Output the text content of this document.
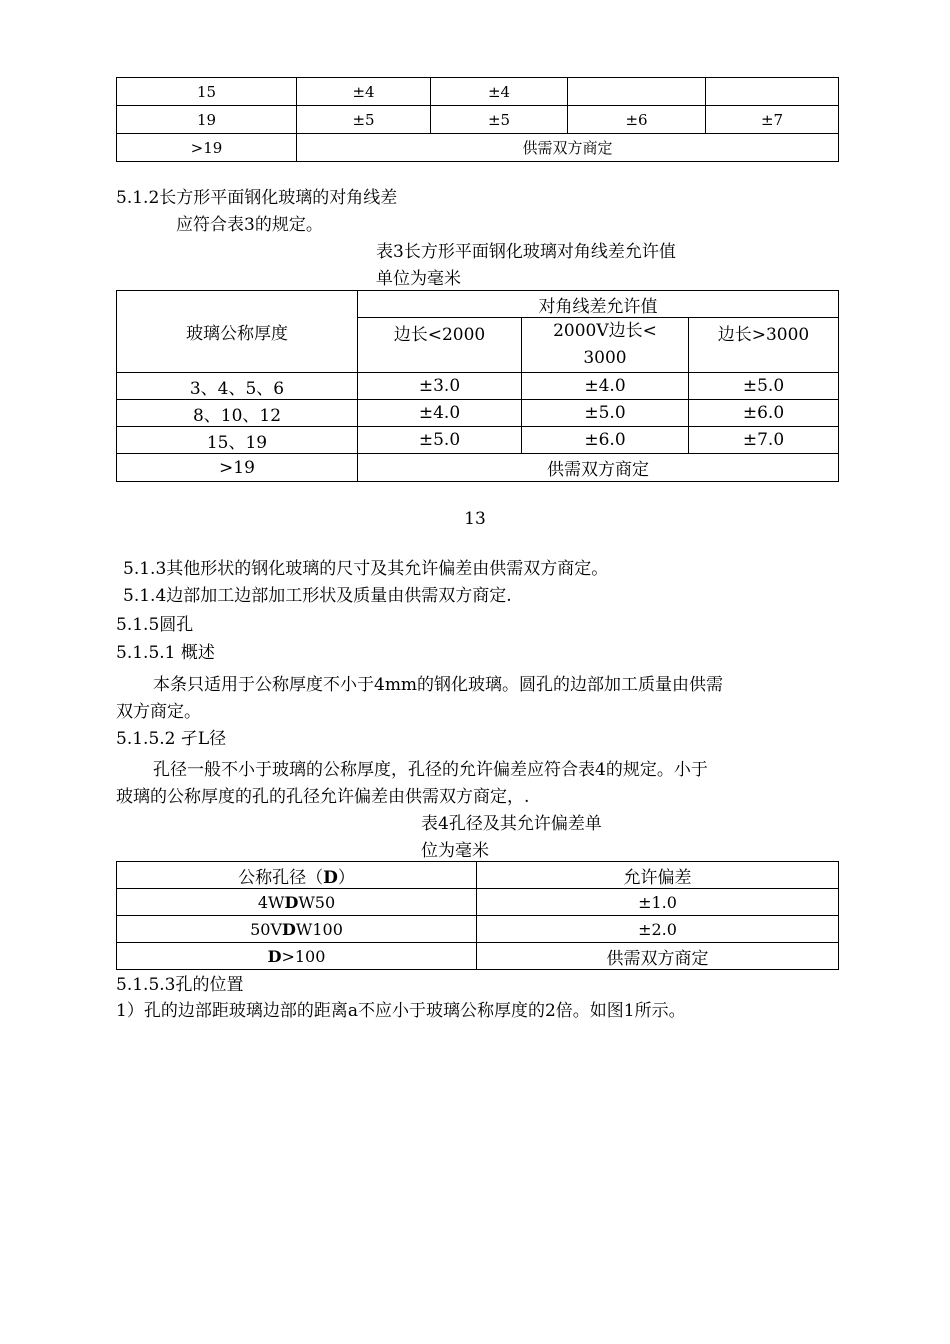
15	±4	±4		
19	±5	±5	±6	±7
>19	供需双方商定			
5.1.2长方形平面钢化玻璃的对角线差
应符合表3的规定。
表3长方形平面钢化玻璃对角线差允许值
单位为毫米
玻璃公称厚度	对角线差允许值		
	边长<2000	2000V边长<
3000	边长>3000
3、4、5、6	±3.0	±4.0	±5.0
8、10、12	±4.0	±5.0	±6.0
15、19	±5.0	±6.0	±7.0
>19	供需双方商定		
13
5.1.3其他形状的钢化玻璃的尺寸及其允许偏差由供需双方商定。
5.1.4边部加工边部加工形状及质量由供需双方商定.
5.1.5圆孔
5.1.5.1 概述
本条只适用于公称厚度不小于4mm的钢化玻璃。圆孔的边部加工质量由供需
双方商定。
5.1.5.2 孑L径
孔径一般不小于玻璃的公称厚度，孔径的允许偏差应符合表4的规定。小于
玻璃的公称厚度的孔的孔径允许偏差由供需双方商定，.
表4孔径及其允许偏差单
位为毫米
公称孔径（D）	允许偏差
4WDW50	±1.0
50VDW100	±2.0
D>100	供需双方商定
5.1.5.3孔的位置
1）孔的边部距玻璃边部的距离a不应小于玻璃公称厚度的2倍。如图1所示。
